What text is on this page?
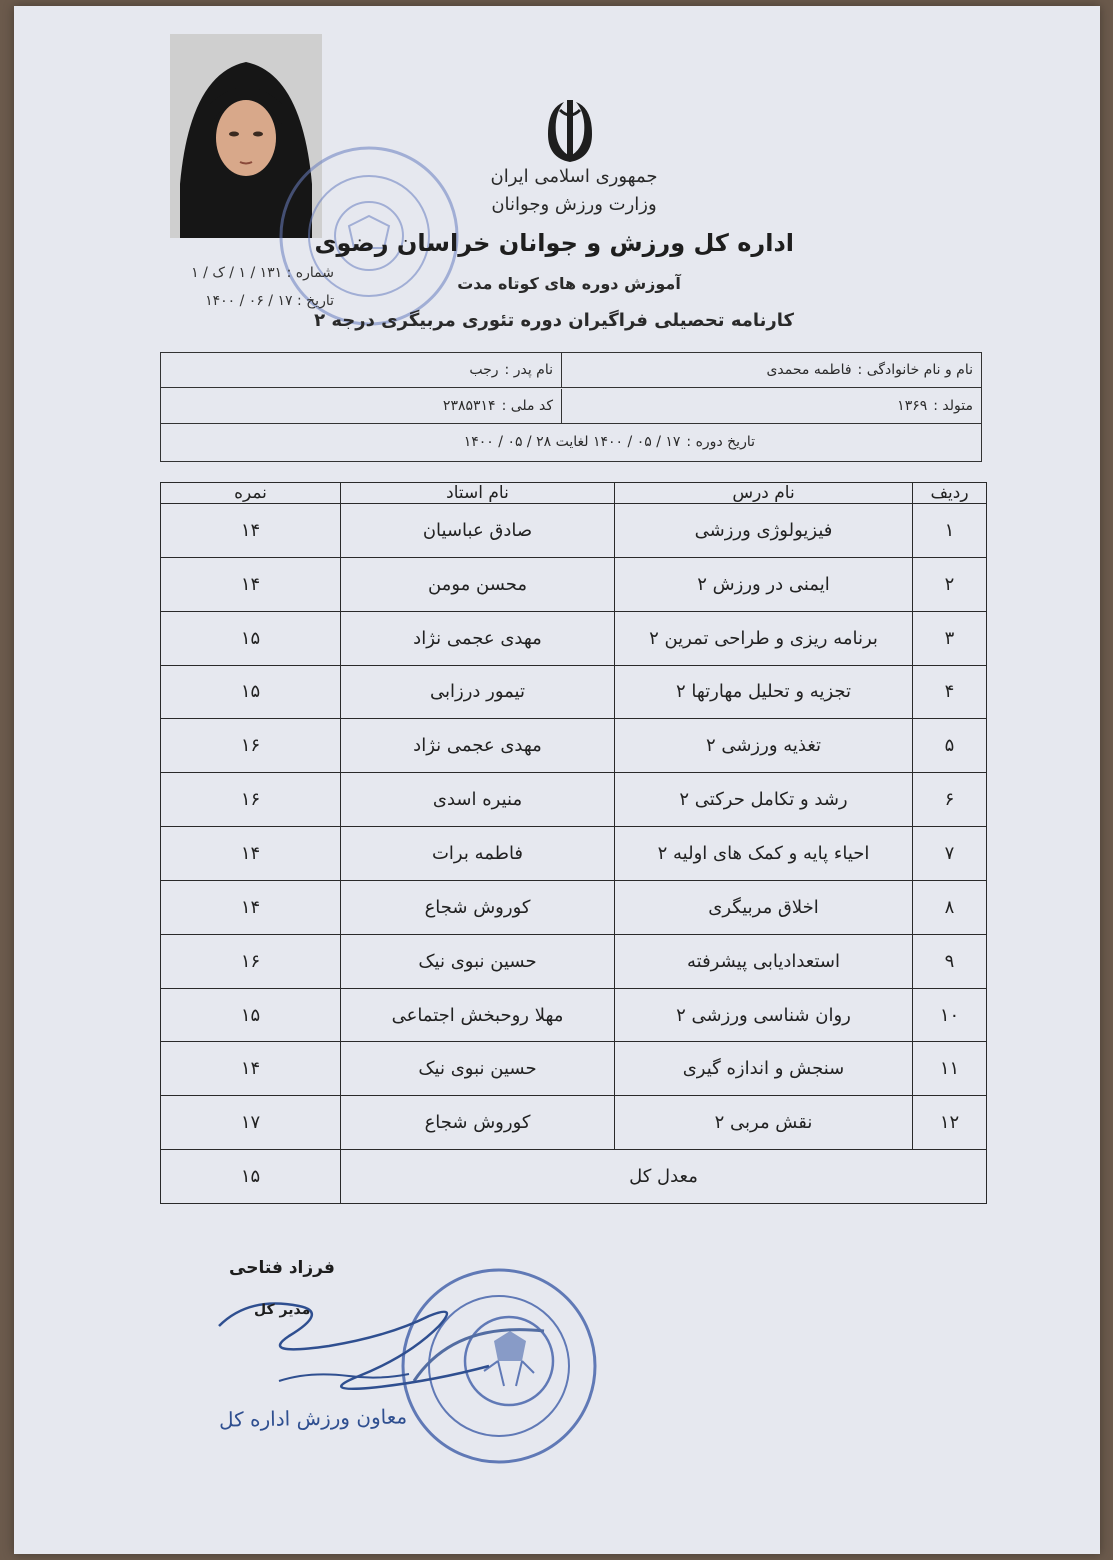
جمهوری اسلامی ایران
وزارت ورزش وجوانان
اداره کل ورزش و جوانان خراسان رضوی
آموزش دوره های کوتاه مدت
کارنامه تحصیلی فراگیران دوره تئوری مربیگری درجه ۲
شماره : ۱۳۱ / ۱ / ک / ۱
تاریخ : ۱۷ / ۰۶ / ۱۴۰۰
نام و نام خانوادگی :
فاطمه محمدی
نام پدر :
رجب
متولد :
۱۳۶۹
کد ملی :
۲۳۸۵۳۱۴
تاریخ دوره :
۱۷ / ۰۵ / ۱۴۰۰ لغایت ۲۸ / ۰۵ / ۱۴۰۰
ردیف	نام درس	نام استاد	نمره
۱	فیزیولوژی ورزشی	صادق عباسیان	۱۴
۲	ایمنی در ورزش ۲	محسن مومن	۱۴
۳	برنامه ریزی و طراحی تمرین ۲	مهدی عجمی نژاد	۱۵
۴	تجزیه و تحلیل مهارتها ۲	تیمور درزابی	۱۵
۵	تغذیه ورزشی ۲	مهدی عجمی نژاد	۱۶
۶	رشد و تکامل حرکتی ۲	منیره اسدی	۱۶
۷	احیاء پایه و کمک های اولیه ۲	فاطمه برات	۱۴
۸	اخلاق مربیگری	کوروش شجاع	۱۴
۹	استعدادیابی پیشرفته	حسین نبوی نیک	۱۶
۱۰	روان شناسی ورزشی ۲	مهلا روحبخش اجتماعی	۱۵
۱۱	سنجش و اندازه گیری	حسین نبوی نیک	۱۴
۱۲	نقش مربی ۲	کوروش شجاع	۱۷
معدل کل			۱۵
فرزاد فتاحی
مدیر کل
معاون ورزش اداره کل
